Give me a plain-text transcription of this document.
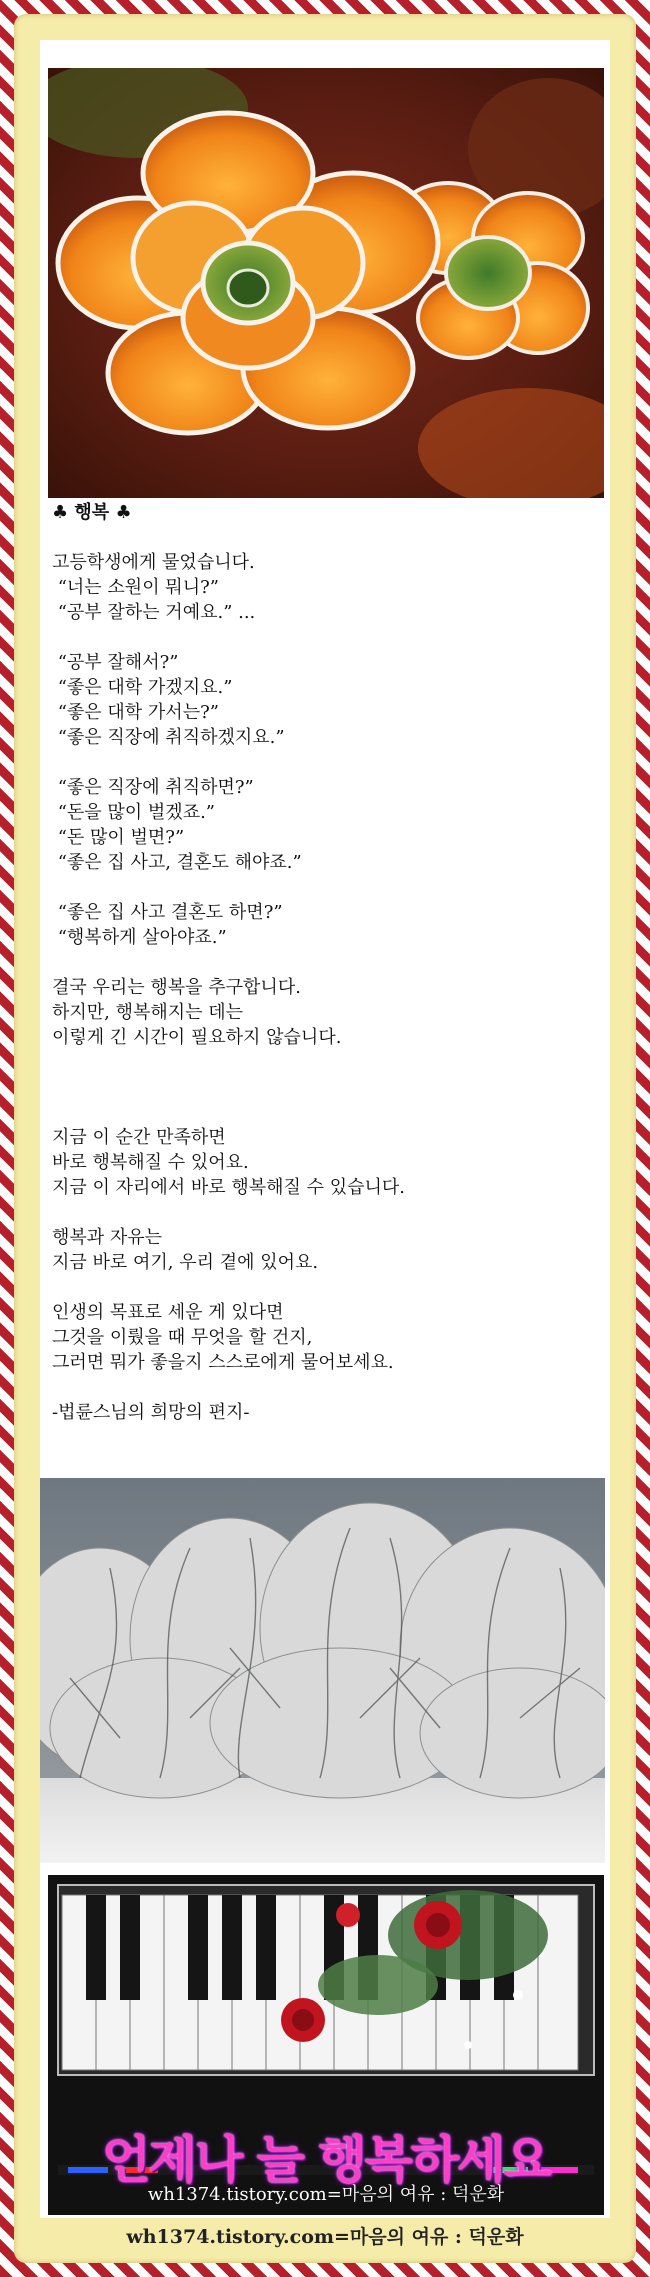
♣ 행복 ♣

고등학생에게 물었습니다.

“너는 소원이 뭐니?”

“공부 잘하는 거예요.” ...

“공부 잘해서?”

“좋은 대학 가겠지요.”

“좋은 대학 가서는?”

“좋은 직장에 취직하겠지요.”

“좋은 직장에 취직하면?”

“돈을 많이 벌겠죠.”

“돈 많이 벌면?”

“좋은 집 사고, 결혼도 해야죠.”

“좋은 집 사고 결혼도 하면?”

“행복하게 살아야죠.”

결국 우리는 행복을 추구합니다.

하지만, 행복해지는 데는

이렇게 긴 시간이 필요하지 않습니다.

지금 이 순간 만족하면

바로 행복해질 수 있어요.

지금 이 자리에서 바로 행복해질 수 있습니다.

행복과 자유는

지금 바로 여기, 우리 곁에 있어요.

인생의 목표로 세운 게 있다면

그것을 이뤘을 때 무엇을 할 건지,

그러면 뭐가 좋을지 스스로에게 물어보세요.

-법륜스님의 희망의 편지-

언제나 늘 행복하세요
wh1374.tistory.com=마음의 여유 : 덕운화
wh1374.tistory.com=마음의 여유 : 덕운화
